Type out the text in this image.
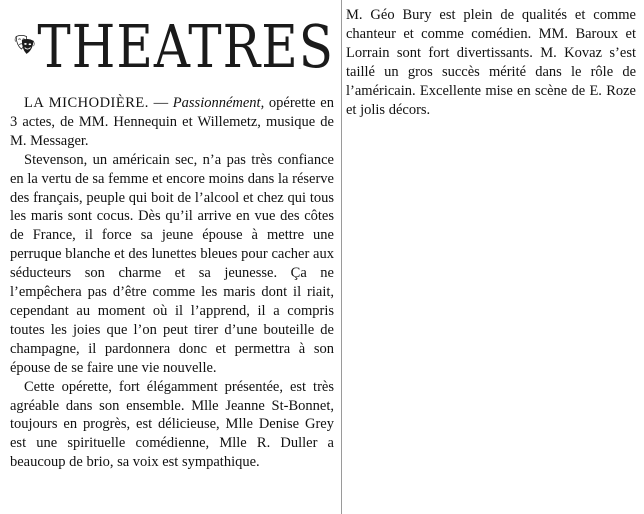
THEATRES

LA MICHODIÈRE. — Passionnément, opérette en 3 actes, de MM. Hennequin et Willemetz, musique de M. Messager.

Stevenson, un américain sec, n’a pas très confiance en la vertu de sa femme et encore moins dans la réserve des français, peuple qui boit de l’alcool et chez qui tous les maris sont cocus. Dès qu’il arrive en vue des côtes de France, il force sa jeune épouse à mettre une perruque blanche et des lunettes bleues pour cacher aux séducteurs son charme et sa jeunesse. Ça ne l’empêchera pas d’être comme les maris dont il riait, cependant au moment où il l’apprend, il a compris toutes les joies que l’on peut tirer d’une bouteille de champagne, il pardonnera donc et permettra à son épouse de se faire une vie nouvelle.

Cette opérette, fort élégamment présentée, est très agréable dans son ensemble. Mlle Jeanne St-Bonnet, toujours en progrès, est délicieuse, Mlle Denise Grey est une spirituelle comédienne, Mlle R. Duller a beaucoup de brio, sa voix est sympathique.

M. Géo Bury est plein de qualités et comme chanteur et comme comédien. MM. Baroux et Lorrain sont fort divertissants. M. Kovaz s’est taillé un gros succès mérité dans le rôle de l’américain. Excellente mise en scène de E. Roze et jolis décors.
